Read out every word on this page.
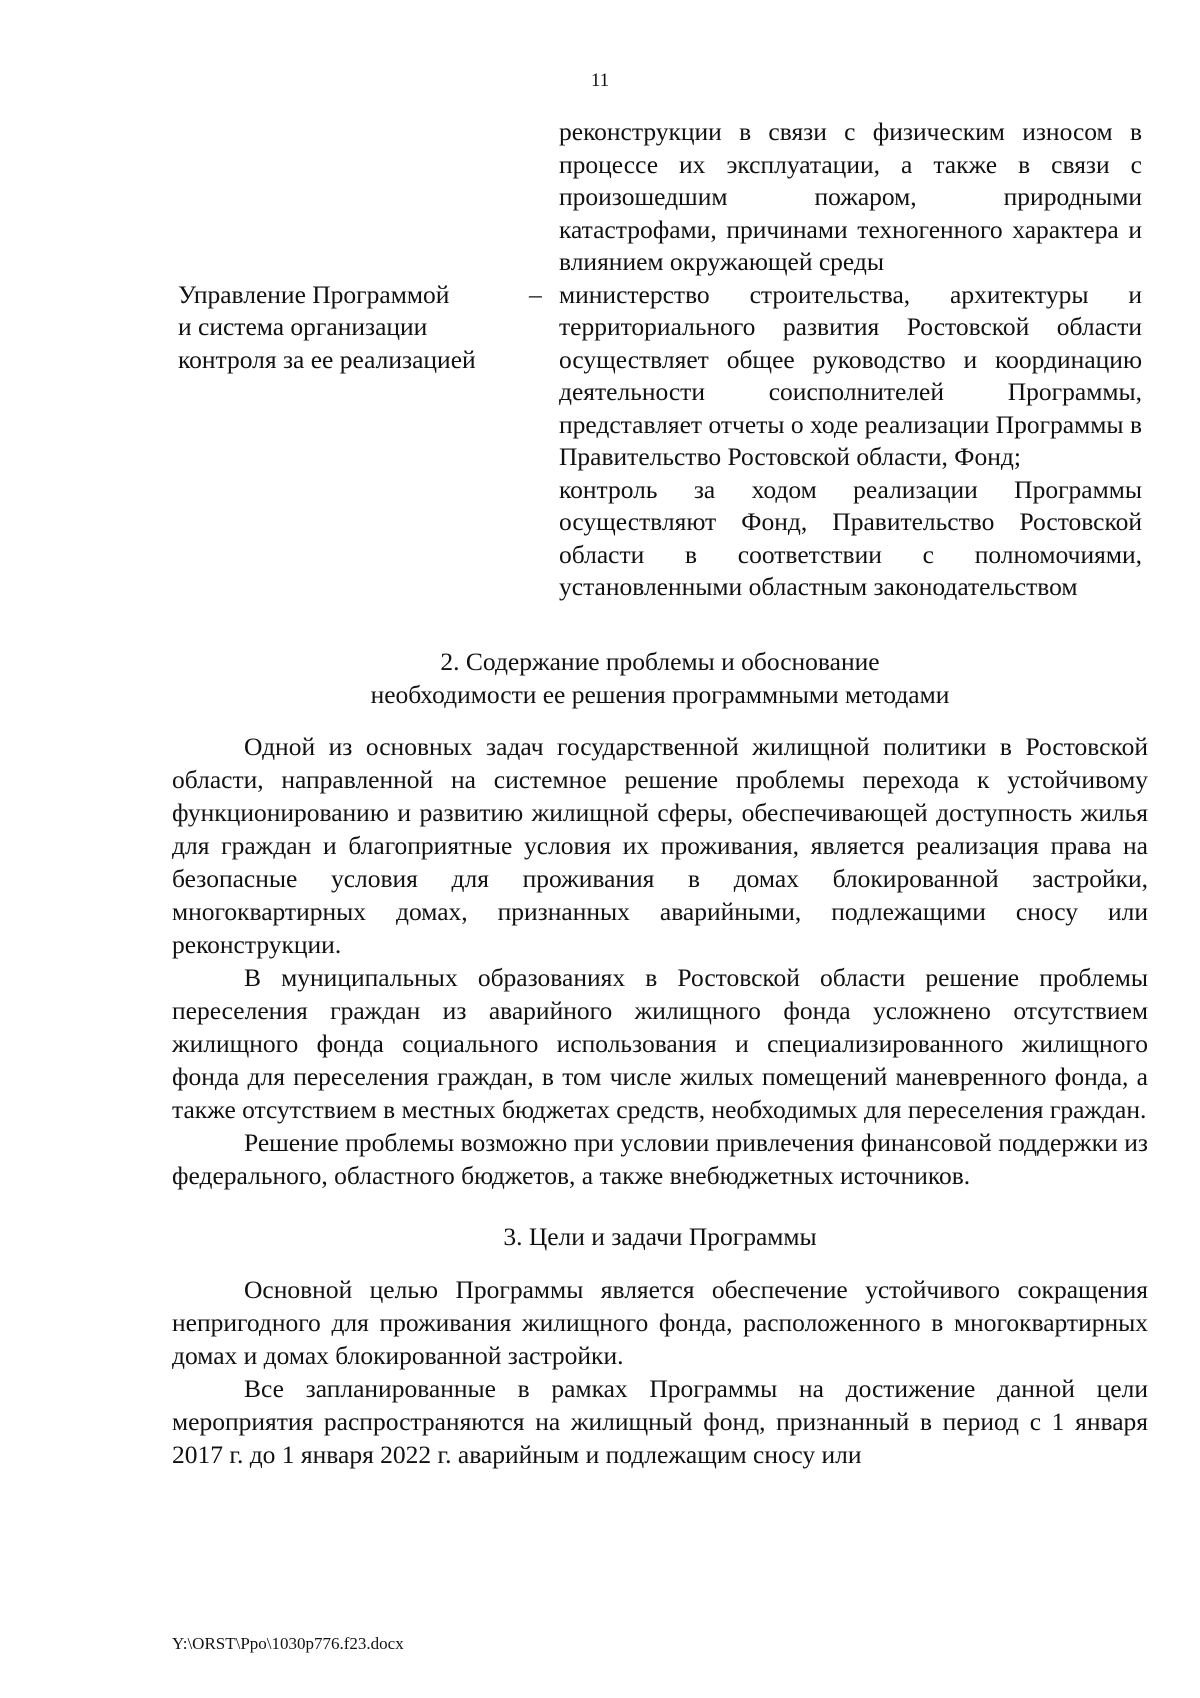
11
реконструкции в связи с физическим износом в процессе их эксплуатации, а также в связи с произошедшим пожаром, природными катастрофами, причинами техногенного характера и влиянием окружающей среды
Управление Программой
и система организации
контроля за ее реализацией
– министерство строительства, архитектуры и территориального развития Ростовской области осуществляет общее руководство и координацию деятельности соисполнителей Программы, представляет отчеты о ходе реализации Программы в Правительство Ростовской области, Фонд;
контроль за ходом реализации Программы осуществляют Фонд, Правительство Ростовской области в соответствии с полномочиями, установленными областным законодательством
2. Содержание проблемы и обоснование
необходимости ее решения программными методами

Одной из основных задач государственной жилищной политики в Ростовской области, направленной на системное решение проблемы перехода к устойчивому функционированию и развитию жилищной сферы, обеспечивающей доступность жилья для граждан и благоприятные условия их проживания, является реализация права на безопасные условия для проживания в домах блокированной застройки, многоквартирных домах, признанных аварийными, подлежащими сносу или реконструкции.

В муниципальных образованиях в Ростовской области решение проблемы переселения граждан из аварийного жилищного фонда усложнено отсутствием жилищного фонда социального использования и специализированного жилищного фонда для переселения граждан, в том числе жилых помещений маневренного фонда, а также отсутствием в местных бюджетах средств, необходимых для переселения граждан.

Решение проблемы возможно при условии привлечения финансовой поддержки из федерального, областного бюджетов, а также внебюджетных источников.

3. Цели и задачи Программы

Основной целью Программы является обеспечение устойчивого сокращения непригодного для проживания жилищного фонда, расположенного в многоквартирных домах и домах блокированной застройки.

Все запланированные в рамках Программы на достижение данной цели мероприятия распространяются на жилищный фонд, признанный в период с 1 января 2017 г. до 1 января 2022 г. аварийным и подлежащим сносу или

Y:\ORST\Ppo\1030p776.f23.docx
